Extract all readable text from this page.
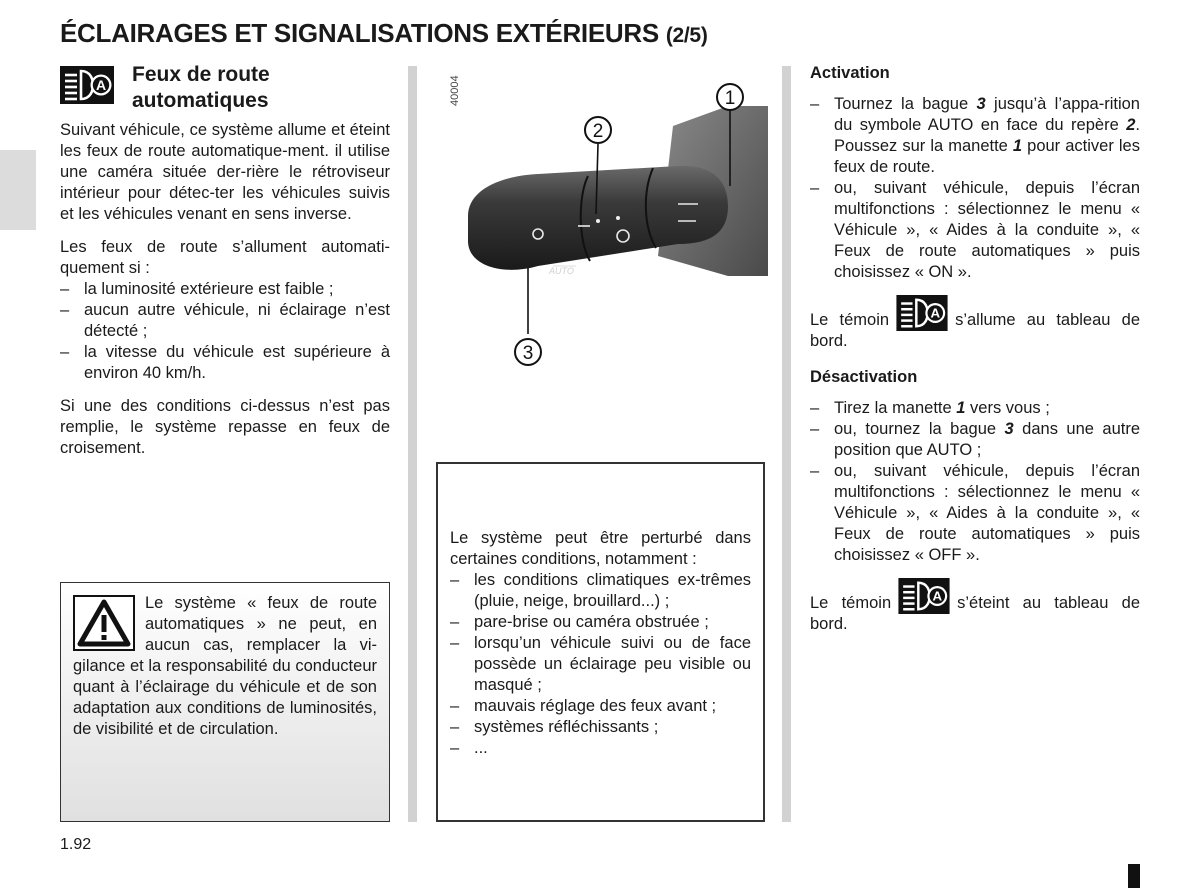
ÉCLAIRAGES ET SIGNALISATIONS EXTÉRIEURS (2/5)
A Feux de route
automatiques

Suivant véhicule, ce système allume et éteint les feux de route automatique-ment. il utilise une caméra située der-rière le rétroviseur intérieur pour détec-ter les véhicules suivis et les véhicules venant en sens inverse.

Les feux de route s’allument automati-quement si :

– la luminosité extérieure est faible ;
– aucun autre véhicule, ni éclairage n’est détecté ;
– la vitesse du véhicule est supérieure à environ 40 km/h.

Si une des conditions ci-dessus n’est pas remplie, le système repasse en feux de croisement.

Le système « feux de route automatiques » ne peut, en aucun cas, remplacer la vi-gilance et la responsabilité du conducteur quant à l’éclairage du véhicule et de son adaptation aux conditions de luminosités, de visibilité et de circulation.

AUTO
40004	1
2
3

Le système peut être perturbé dans certaines conditions, notamment :

– les conditions climatiques ex-trêmes (pluie, neige, brouillard...) ;
– pare-brise ou caméra obstruée ;
– lorsqu’un véhicule suivi ou de face possède un éclairage peu visible ou masqué ;
– mauvais réglage des feux avant ;
– systèmes réfléchissants ;
– ...
Activation
– Tournez la bague 3 jusqu’à l’appa-rition du symbole AUTO en face du repère 2. Poussez sur la manette 1 pour activer les feux de route.
– ou, suivant véhicule, depuis l’écran multifonctions : sélectionnez le menu « Véhicule », « Aides à la conduite », « Feux de route automatiques » puis choisissez « ON ».

Le témoin	A s’allume au tableau de bord.

Désactivation
– Tirez la manette 1 vers vous ;
– ou, tournez la bague 3 dans une autre position que AUTO ;
– ou, suivant véhicule, depuis l’écran multifonctions : sélectionnez le menu « Véhicule », « Aides à la conduite », « Feux de route automatiques » puis choisissez « OFF ».

Le témoin	A s’éteint au tableau de bord.

1.92
